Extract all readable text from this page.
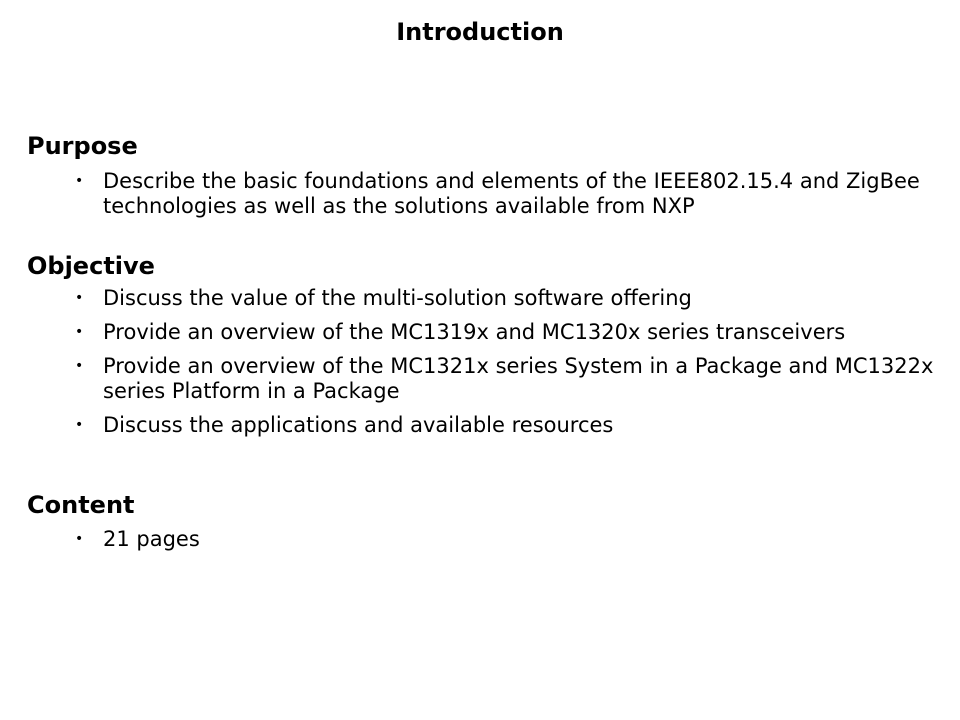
Introduction
Purpose
• Describe the basic foundations and elements of the IEEE802.15.4 and ZigBee technologies as well as the solutions available from NXP
Objective
• Discuss the value of the multi-solution software offering
• Provide an overview of the MC1319x and MC1320x series transceivers
• Provide an overview of the MC1321x series System in a Package and MC1322x series Platform in a Package
• Discuss the applications and available resources
Content
• 21 pages
